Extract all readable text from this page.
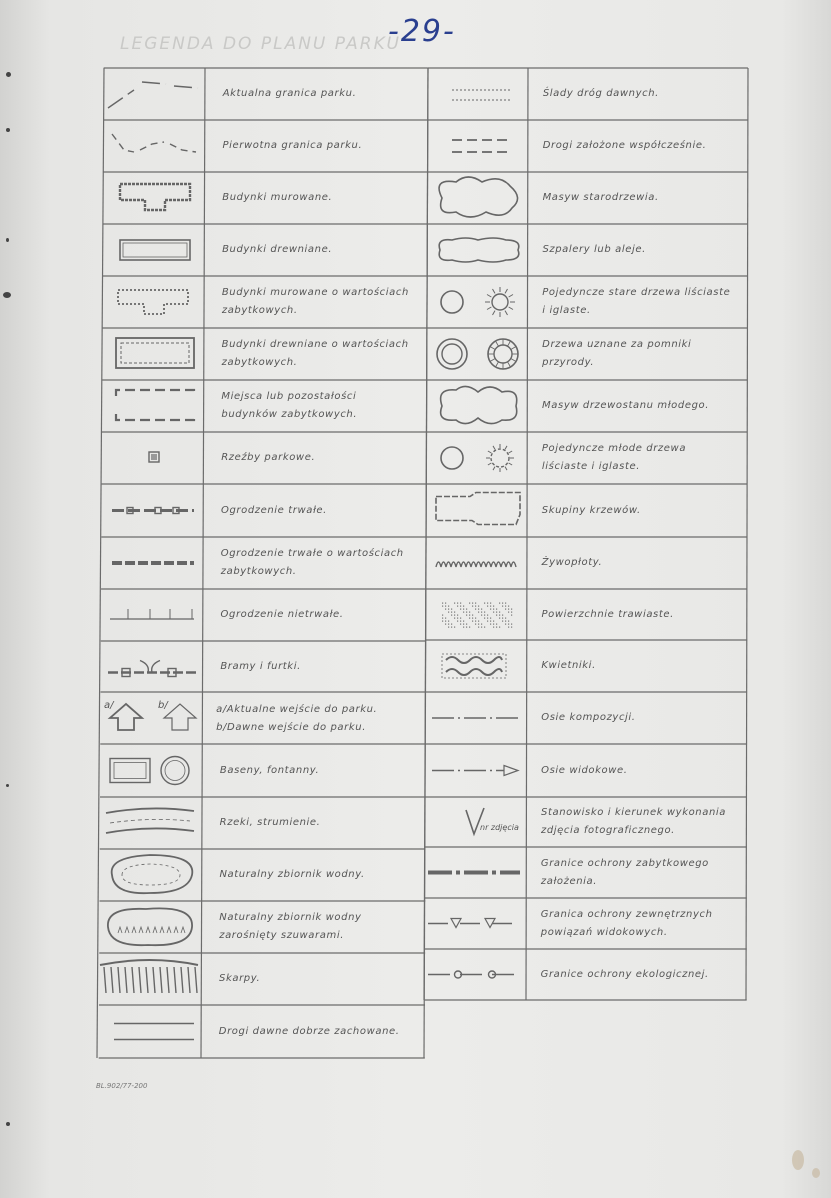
-29-
LEGENDA DO PLANU PARKU
Aktualna granica parku.
Pierwotna granica parku.
Budynki murowane.
Budynki drewniane.
Budynki murowane o wartościach zabytkowych.
Budynki drewniane o wartościach zabytkowych.
Miejsca lub pozostałości budynków zabytkowych.
Rzeźby parkowe.
Ogrodzenie trwałe.
Ogrodzenie trwałe o wartościach zabytkowych.
Ogrodzenie nietrwałe.
Bramy i furtki.
a/Aktualne wejście do parku.
b/Dawne wejście do parku.
Baseny, fontanny.
Rzeki, strumienie.
Naturalny zbiornik wodny.
Naturalny zbiornik wodny zarośnięty szuwarami.
Skarpy.
Drogi dawne dobrze zachowane.
Ślady dróg dawnych.
Drogi założone współcześnie.
Masyw starodrzewia.
Szpalery lub aleje.
Pojedyncze stare drzewa liściaste i iglaste.
Drzewa uznane za pomniki przyrody.
Masyw drzewostanu młodego.
Pojedyncze młode drzewa liściaste i iglaste.
Skupiny krzewów.
Żywopłoty.
Powierzchnie trawiaste.
Kwietniki.
Osie kompozycji.
Osie widokowe.
Stanowisko i kierunek wykonania zdjęcia fotograficznego.
Granice ochrony zabytkowego założenia.
Granica ochrony zewnętrznych powiązań widokowych.
Granice ochrony ekologicznej.
a/	b/
nr zdjęcia
BL.902/77-200
